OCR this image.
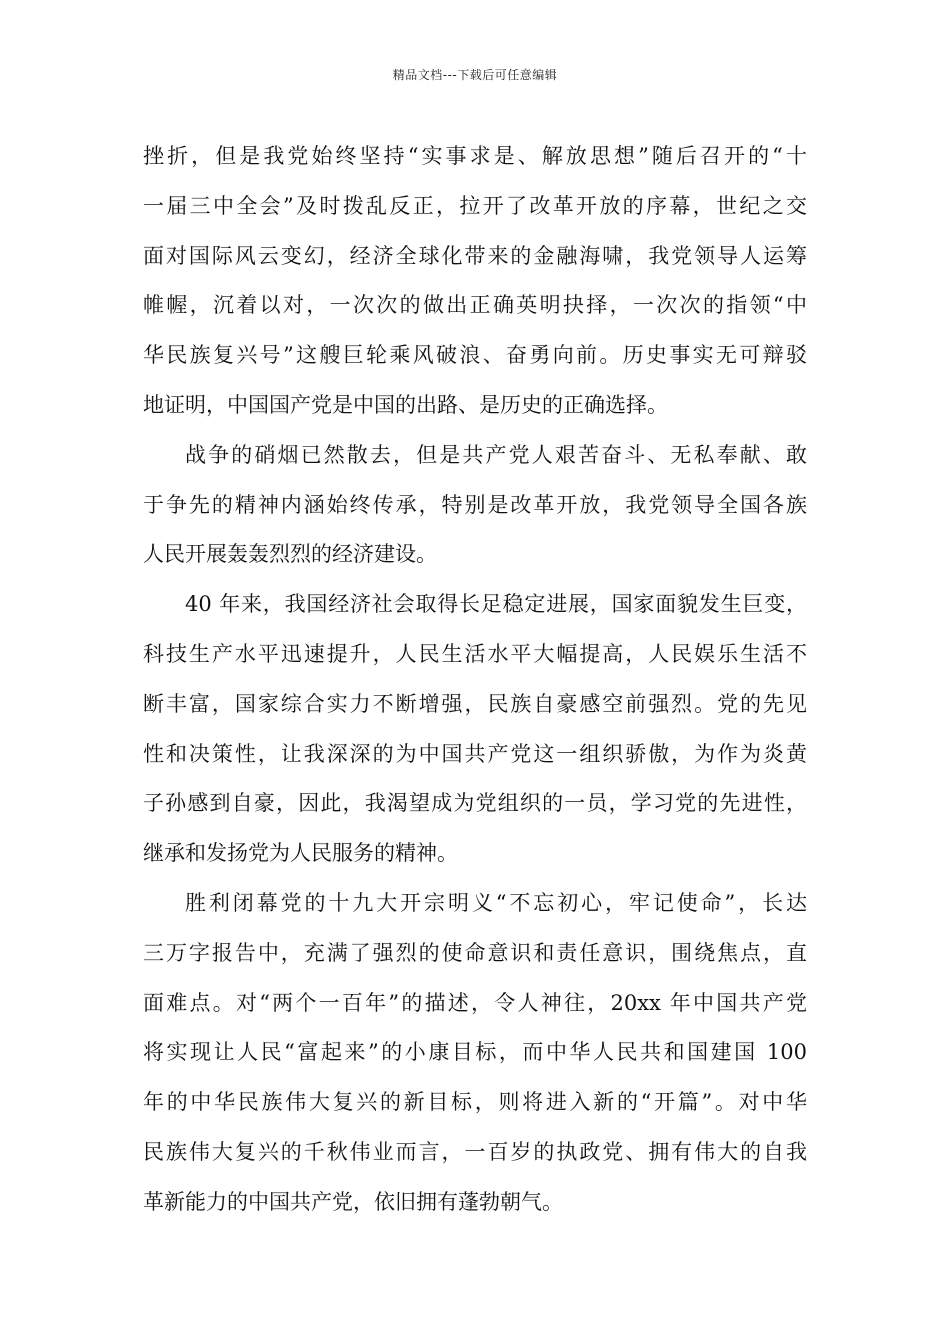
精品文档---下载后可任意编辑
挫折，但是我党始终坚持“实事求是、解放思想”随后召开的“十
一届三中全会”及时拨乱反正，拉开了改革开放的序幕，世纪之交
面对国际风云变幻，经济全球化带来的金融海啸，我党领导人运筹
帷幄，沉着以对，一次次的做出正确英明抉择，一次次的指领“中
华民族复兴号”这艘巨轮乘风破浪、奋勇向前。历史事实无可辩驳
地证明，中国国产党是中国的出路、是历史的正确选择。
战争的硝烟已然散去，但是共产党人艰苦奋斗、无私奉献、敢
于争先的精神内涵始终传承，特别是改革开放，我党领导全国各族
人民开展轰轰烈烈的经济建设。
40 年来，我国经济社会取得长足稳定进展，国家面貌发生巨变，
科技生产水平迅速提升，人民生活水平大幅提高，人民娱乐生活不
断丰富，国家综合实力不断增强，民族自豪感空前强烈。党的先见
性和决策性，让我深深的为中国共产党这一组织骄傲，为作为炎黄
子孙感到自豪，因此，我渴望成为党组织的一员，学习党的先进性，
继承和发扬党为人民服务的精神。
胜利闭幕党的十九大开宗明义“不忘初心，牢记使命”，长达
三万字报告中，充满了强烈的使命意识和责任意识，围绕焦点，直
面难点。对“两个一百年”的描述，令人神往，20xx 年中国共产党
将实现让人民“富起来”的小康目标，而中华人民共和国建国 100
年的中华民族伟大复兴的新目标，则将进入新的“开篇”。对中华
民族伟大复兴的千秋伟业而言，一百岁的执政党、拥有伟大的自我
革新能力的中国共产党，依旧拥有蓬勃朝气。
